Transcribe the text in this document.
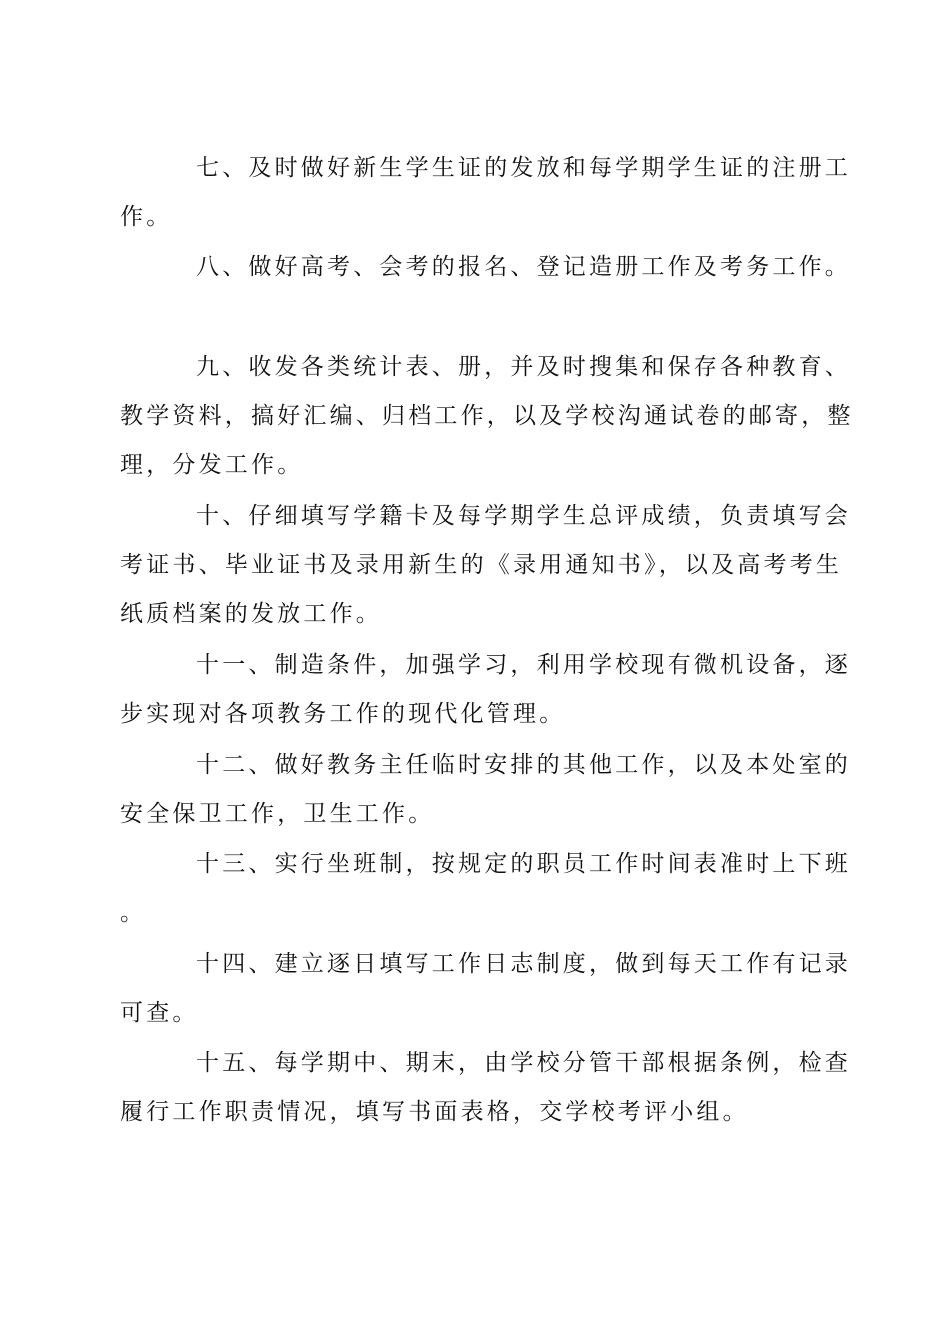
七、及时做好新生学生证的发放和每学期学生证的注册工作。

八、做好高考、会考的报名、登记造册工作及考务工作。

九、收发各类统计表、册，并及时搜集和保存各种教育、教学资料，搞好汇编、归档工作，以及学校沟通试卷的邮寄，整理，分发工作。

十、仔细填写学籍卡及每学期学生总评成绩，负责填写会考证书、毕业证书及录用新生的《录用通知书》，以及高考考生纸质档案的发放工作。

十一、制造条件，加强学习，利用学校现有微机设备，逐步实现对各项教务工作的现代化管理。

十二、做好教务主任临时安排的其他工作，以及本处室的安全保卫工作，卫生工作。

十三、实行坐班制，按规定的职员工作时间表准时上下班。

十四、建立逐日填写工作日志制度，做到每天工作有记录可查。

十五、每学期中、期末，由学校分管干部根据条例，检查履行工作职责情况，填写书面表格，交学校考评小组。
